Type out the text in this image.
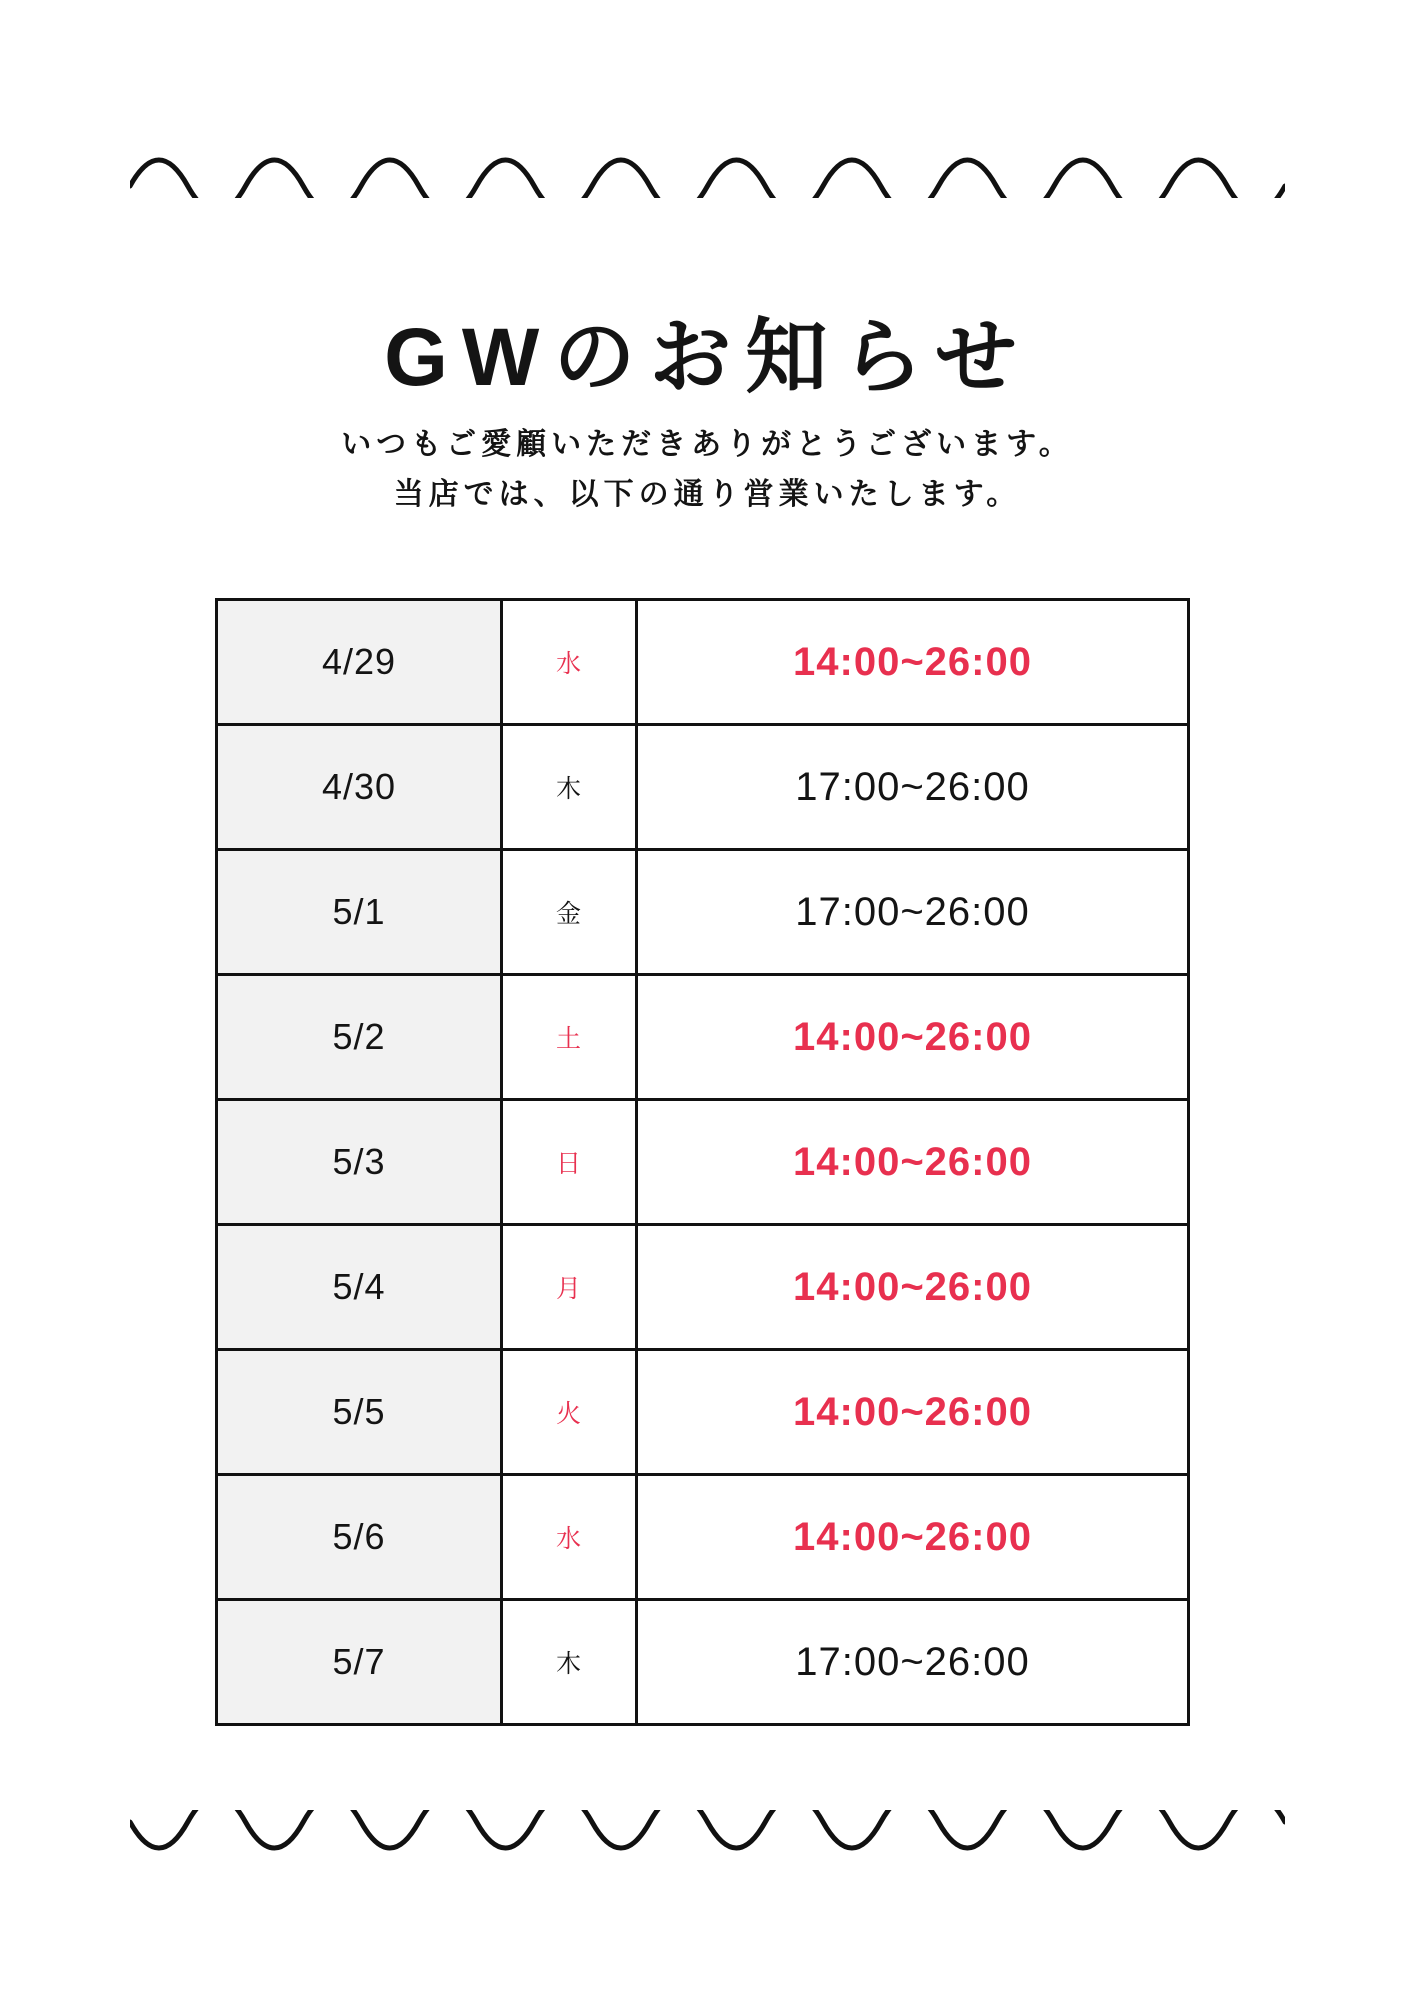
GWのお知らせ
いつもご愛顧いただきありがとうございます。
当店では、以下の通り営業いたします。
4/29	水	14:00~26:00
4/30	木	17:00~26:00
5/1	金	17:00~26:00
5/2	土	14:00~26:00
5/3	日	14:00~26:00
5/4	月	14:00~26:00
5/5	火	14:00~26:00
5/6	水	14:00~26:00
5/7	木	17:00~26:00
